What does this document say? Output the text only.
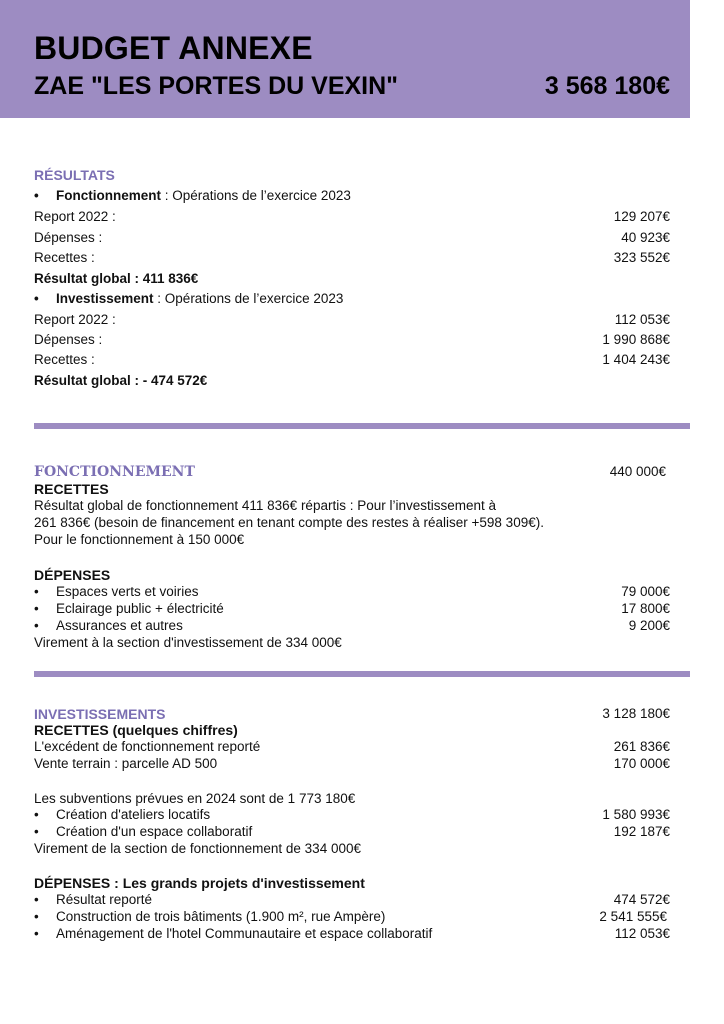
BUDGET ANNEXE
ZAE "LES PORTES DU VEXIN"	3 568 180€
RÉSULTATS
• Fonctionnement : Opérations de l’exercice 2023
Report 2022 :	129 207€
Dépenses :	40 923€
Recettes :	323 552€
Résultat global : 411 836€
• Investissement : Opérations de l’exercice 2023
Report 2022 :	112 053€
Dépenses :	1 990 868€
Recettes :	1 404 243€
Résultat global : - 474 572€
FONCTIONNEMENT	440 000€
RECETTES
Résultat global de fonctionnement 411 836€ répartis : Pour l’investissement à
261 836€ (besoin de financement en tenant compte des restes à réaliser +598 309€).
Pour le fonctionnement à 150 000€
DÉPENSES
• Espaces verts et voiries	79 000€
• Eclairage public + électricité	17 800€
• Assurances et autres	9 200€
Virement à la section d'investissement de 334 000€
INVESTISSEMENTS	3 128 180€
RECETTES (quelques chiffres)
L'excédent de fonctionnement reporté	261 836€
Vente terrain : parcelle AD 500	170 000€
Les subventions prévues en 2024 sont de 1 773 180€
• Création d'ateliers locatifs	1 580 993€
• Création d'un espace collaboratif	192 187€
Virement de la section de fonctionnement de 334 000€
DÉPENSES : Les grands projets d'investissement
• Résultat reporté	474 572€
• Construction de trois bâtiments (1.900 m², rue Ampère)	2 541 555€
• Aménagement de l'hotel Communautaire et espace collaboratif	112 053€
